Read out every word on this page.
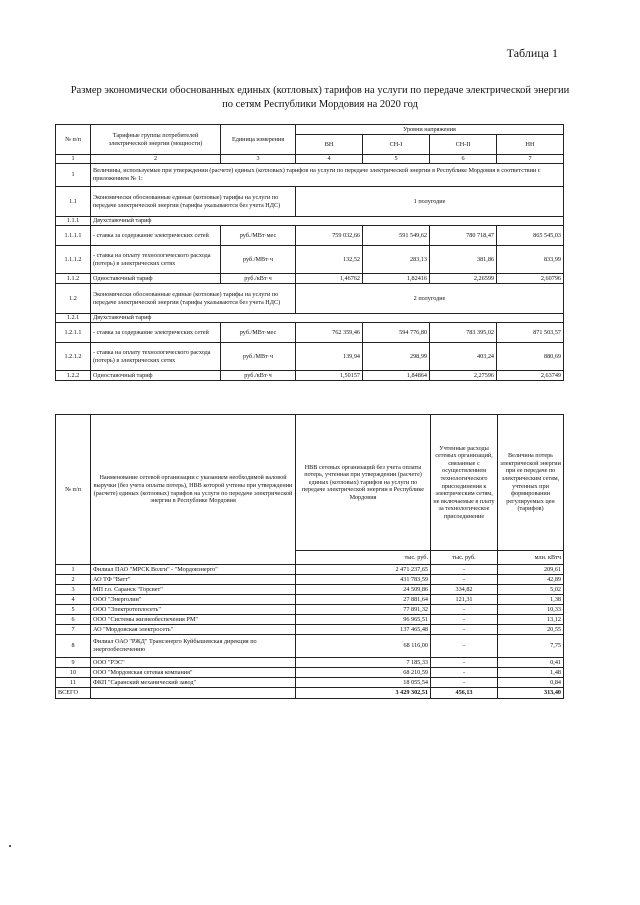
Таблица 1
Размер экономически обоснованных единых (котловых) тарифов на услуги по передаче электрической энергии
по сетям Республики Мордовия на 2020 год
№ п/п	Тарифные группы потребителей электрической энергии (мощности)	Единица измерения	Уровни напряжения			
			ВН	СН-I	СН-II	НН
1	2	3	4	5	6	7
1	Величины, используемые при утверждении (расчете) единых (котловых) тарифов на услуги по передаче электрической энергии в Республике Мордовия в соответствии с приложением № 1:					
1.1	Экономически обоснованные единые (котловые) тарифы на услуги по передаче электрической энергии (тарифы указываются без учета НДС)		1 полугодие			
1.1.1	Двухставочный тариф					
1.1.1.1	- ставка за содержание электрических сетей	руб./МВт·мес	759 032,66	591 549,62	780 718,47	865 545,03
1.1.1.2	- ставка на оплату технологического расхода (потерь) в электрических сетях	руб./МВт·ч	132,52	283,13	381,86	833,99
1.1.2	Одноставочный тариф	руб./кВт·ч	1,46762	1,82416	2,26599	2,60796
1.2	Экономически обоснованные единые (котловые) тарифы на услуги по передаче электрической энергии (тарифы указываются без учета НДС)		2 полугодие			
1.2.1	Двухставочный тариф					
1.2.1.1	- ставка за содержание электрических сетей	руб./МВт·мес	762 359,46	594 776,80	783 395,02	871 503,57
1.2.1.2	- ставка на оплату технологического расхода (потерь) в электрических сетях	руб./МВт·ч	139,94	298,99	403,24	880,69
1.2.2	Одноставочный тариф	руб./кВт·ч	1,50157	1,84864	2,27596	2,63749
№ п/п	Наименование сетевой организации с указанием необходимой валовой выручки (без учета оплаты потерь), НВВ которой учтены при утверждении (расчете) единых (котловых) тарифов на услуги по передаче электрической энергии в Республике Мордовия	НВВ сетевых организаций без учета оплаты потерь, учтенная при утверждении (расчете) единых (котловых) тарифов на услуги по передаче электрической энергии в Республике Мордовия	Учтенные расходы сетевых организаций, связанные с осуществлением технологического присоединения к электрическим сетям, не включаемые в плату за технологическое присоединение	Величина потерь электрической энергии при ее передаче по электрическим сетям, учтенных при формировании регулируемых цен (тарифов)
		тыс. руб.	тыс. руб.	млн. кВтч
1	Филиал ПАО "МРСК Волги" - "Мордовэнерго"	2 471 237,65	-	209,61
2	АО ТФ "Ватт"	431 783,59	-	42,89
3	МП г.о. Саранск "Горсвет"	24 509,86	334,82	5,02
4	ООО "Энерголин"	27 881,64	121,31	1,38
5	ООО "Электротеплосеть"	77 891,32	-	10,33
6	ООО "Системы жизнеобеспечения РМ"	96 965,51	-	13,12
7	АО "Мордовская электросеть"	137 465,48	-	20,55
8	Филиал ОАО "РЖД" Трансэнерго Куйбышевская дирекция по энергообеспечению	68 116,00	-	7,75
9	ООО "РЭС"	7 185,33	-	0,41
10	ООО "Мордовская сетевая компания"	68 210,59	-	1,48
11	ФКП "Саранский механический завод"	18 055,54	-	0,84
ВСЕГО		3 429 302,51	456,13	313,40
